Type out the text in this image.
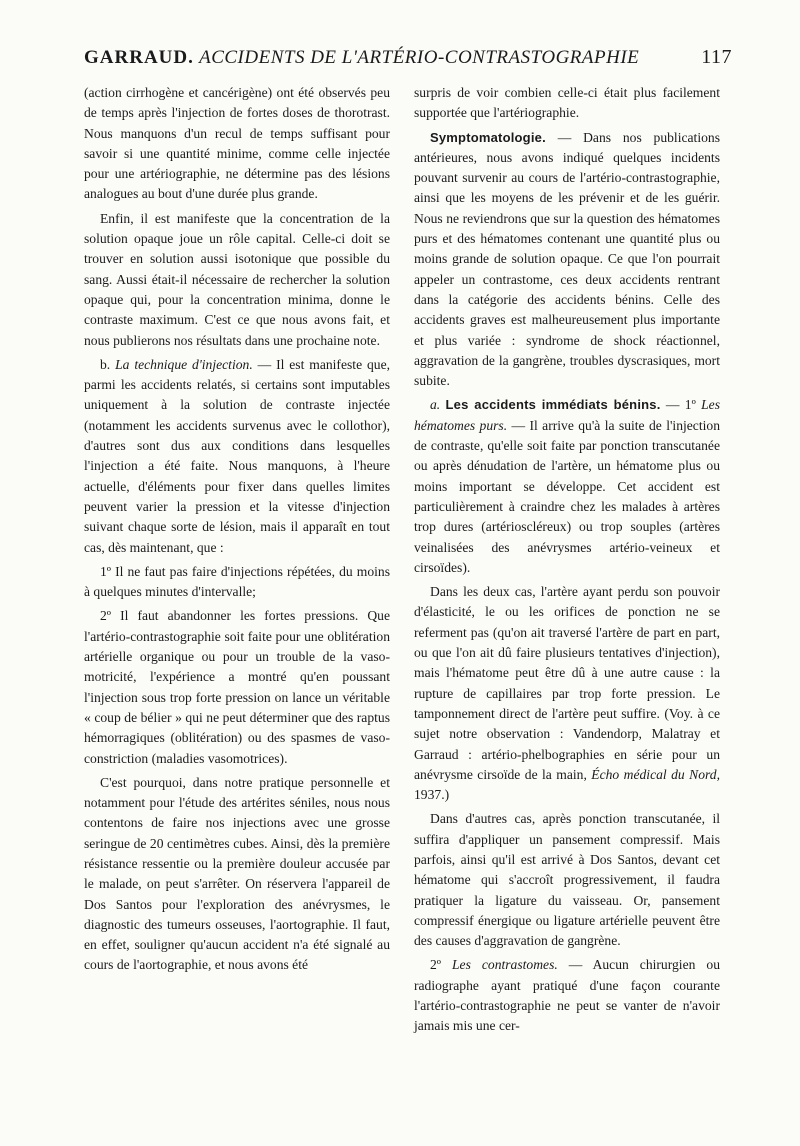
GARRAUD. ACCIDENTS DE L'ARTÉRIO-CONTRASTOGRAPHIE	117

(action cirrhogène et cancérigène) ont été observés peu de temps après l'injection de fortes doses de thorotrast. Nous manquons d'un recul de temps suffisant pour savoir si une quantité minime, comme celle injectée pour une artériographie, ne détermine pas des lésions analogues au bout d'une durée plus grande.

Enfin, il est manifeste que la concentration de la solution opaque joue un rôle capital. Celle-ci doit se trouver en solution aussi isotonique que possible du sang. Aussi était-il nécessaire de rechercher la solution opaque qui, pour la concentration minima, donne le contraste maximum. C'est ce que nous avons fait, et nous publierons nos résultats dans une prochaine note.

b. La technique d'injection. — Il est manifeste que, parmi les accidents relatés, si certains sont imputables uniquement à la solution de contraste injectée (notamment les accidents survenus avec le collothor), d'autres sont dus aux conditions dans lesquelles l'injection a été faite. Nous manquons, à l'heure actuelle, d'éléments pour fixer dans quelles limites peuvent varier la pression et la vitesse d'injection suivant chaque sorte de lésion, mais il apparaît en tout cas, dès maintenant, que :

1º Il ne faut pas faire d'injections répétées, du moins à quelques minutes d'intervalle;

2º Il faut abandonner les fortes pressions. Que l'artério-contrastographie soit faite pour une oblitération artérielle organique ou pour un trouble de la vaso-motricité, l'expérience a montré qu'en poussant l'injection sous trop forte pression on lance un véritable « coup de bélier » qui ne peut déterminer que des raptus hémorragiques (oblitération) ou des spasmes de vaso-constriction (maladies vasomotrices).

C'est pourquoi, dans notre pratique personnelle et notamment pour l'étude des artérites séniles, nous nous contentons de faire nos injections avec une grosse seringue de 20 centimètres cubes. Ainsi, dès la première résistance ressentie ou la première douleur accusée par le malade, on peut s'arrêter. On réservera l'appareil de Dos Santos pour l'exploration des anévrysmes, le diagnostic des tumeurs osseuses, l'aortographie. Il faut, en effet, souligner qu'aucun accident n'a été signalé au cours de l'aortographie, et nous avons été

surpris de voir combien celle-ci était plus facilement supportée que l'artériographie.

Symptomatologie. — Dans nos publications antérieures, nous avons indiqué quelques incidents pouvant survenir au cours de l'artério-contrastographie, ainsi que les moyens de les prévenir et de les guérir. Nous ne reviendrons que sur la question des hématomes purs et des hématomes contenant une quantité plus ou moins grande de solution opaque. Ce que l'on pourrait appeler un contrastome, ces deux accidents rentrant dans la catégorie des accidents bénins. Celle des accidents graves est malheureusement plus importante et plus variée : syndrome de shock réactionnel, aggravation de la gangrène, troubles dyscrasiques, mort subite.

a. Les accidents immédiats bénins. — 1º Les hématomes purs. — Il arrive qu'à la suite de l'injection de contraste, qu'elle soit faite par ponction transcutanée ou après dénudation de l'artère, un hématome plus ou moins important se développe. Cet accident est particulièrement à craindre chez les malades à artères trop dures (artérioscléreux) ou trop souples (artères veinalisées des anévrysmes artério-veineux et cirsoïdes).

Dans les deux cas, l'artère ayant perdu son pouvoir d'élasticité, le ou les orifices de ponction ne se referment pas (qu'on ait traversé l'artère de part en part, ou que l'on ait dû faire plusieurs tentatives d'injection), mais l'hématome peut être dû à une autre cause : la rupture de capillaires par trop forte pression. Le tamponnement direct de l'artère peut suffire. (Voy. à ce sujet notre observation : Vandendorp, Malatray et Garraud : artério-phelbographies en série pour un anévrysme cirsoïde de la main, Écho médical du Nord, 1937.)

Dans d'autres cas, après ponction transcutanée, il suffira d'appliquer un pansement compressif. Mais parfois, ainsi qu'il est arrivé à Dos Santos, devant cet hématome qui s'accroît progressivement, il faudra pratiquer la ligature du vaisseau. Or, pansement compressif énergique ou ligature artérielle peuvent être des causes d'aggravation de gangrène.

2º Les contrastomes. — Aucun chirurgien ou radiographe ayant pratiqué d'une façon courante l'artério-contrastographie ne peut se vanter de n'avoir jamais mis une cer-
